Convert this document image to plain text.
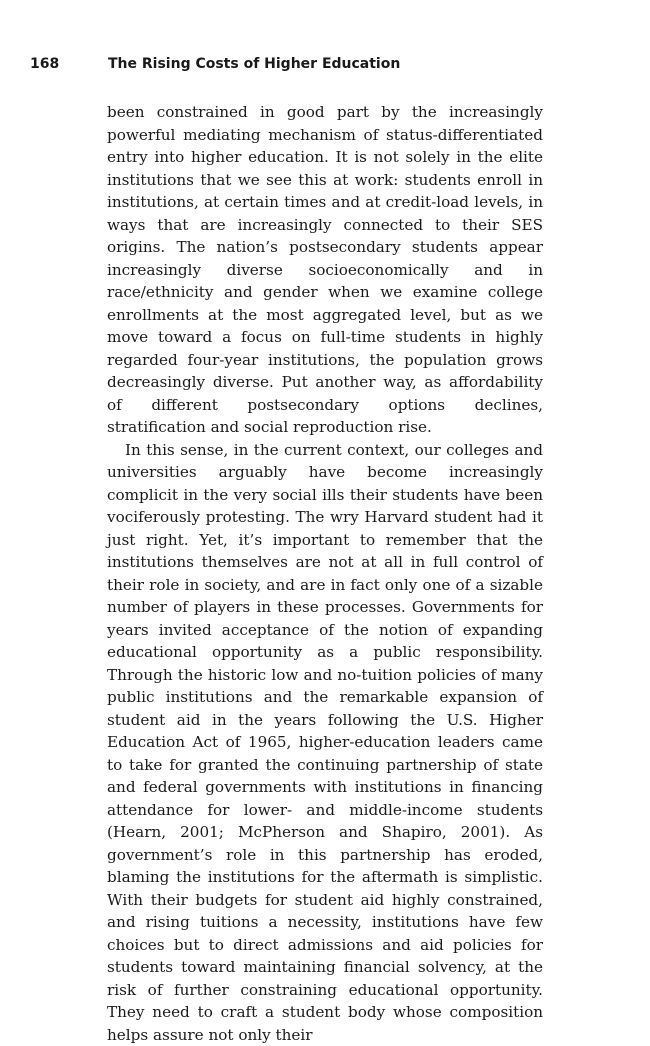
168	The Rising Costs of Higher Education

been constrained in good part by the increasingly powerful mediating mechanism of status-differentiated entry into higher education. It is not solely in the elite institutions that we see this at work: students enroll in institutions, at certain times and at credit-load levels, in ways that are increasingly connected to their SES origins. The nation’s postsecondary students appear increasingly diverse socioeconomically and in race/ethnicity and gender when we examine college enrollments at the most aggregated level, but as we move toward a focus on full-time students in highly regarded four-year institutions, the population grows decreasingly diverse. Put another way, as affordability of different postsecondary options declines, stratification and social reproduction rise.

In this sense, in the current context, our colleges and universities arguably have become increasingly complicit in the very social ills their students have been vociferously protesting. The wry Harvard student had it just right. Yet, it’s important to remember that the institutions themselves are not at all in full control of their role in society, and are in fact only one of a sizable number of players in these processes. Governments for years invited acceptance of the notion of expanding educational opportunity as a public responsibility. Through the historic low and no-tuition policies of many public institutions and the remarkable expansion of student aid in the years following the U.S. Higher Education Act of 1965, higher-education leaders came to take for granted the continuing partnership of state and federal governments with institutions in financing attendance for lower- and middle-income students (Hearn, 2001; McPherson and Shapiro, 2001). As government’s role in this partnership has eroded, blaming the institutions for the aftermath is simplistic. With their budgets for student aid highly constrained, and rising tuitions a necessity, institutions have few choices but to direct admissions and aid policies for students toward maintaining financial solvency, at the risk of further constraining educational opportunity. They need to craft a student body whose composition helps assure not only their
